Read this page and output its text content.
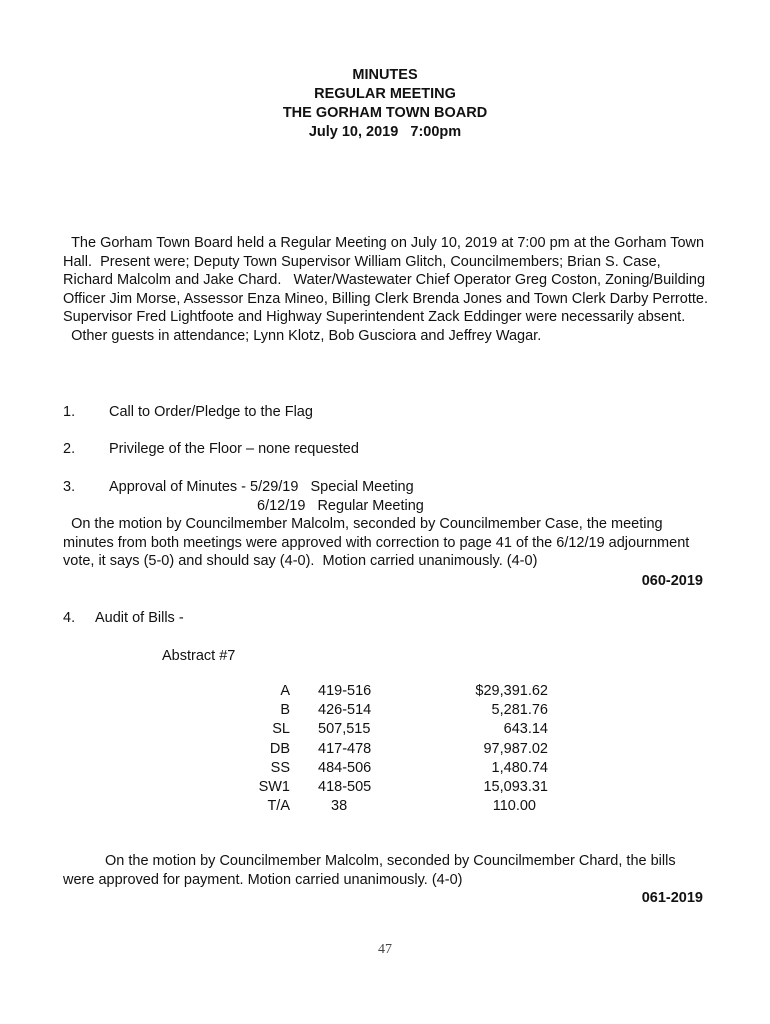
MINUTES
REGULAR MEETING
THE GORHAM TOWN BOARD
July 10, 2019   7:00pm
The Gorham Town Board held a Regular Meeting on July 10, 2019 at 7:00 pm at the Gorham Town Hall.  Present were; Deputy Town Supervisor William Glitch, Councilmembers; Brian S. Case, Richard Malcolm and Jake Chard.   Water/Wastewater Chief Operator Greg Coston, Zoning/Building Officer Jim Morse, Assessor Enza Mineo, Billing Clerk Brenda Jones and Town Clerk Darby Perrotte.  Supervisor Fred Lightfoote and Highway Superintendent Zack Eddinger were necessarily absent.
Other guests in attendance; Lynn Klotz, Bob Gusciora and Jeffrey Wagar.
1. Call to Order/Pledge to the Flag
2. Privilege of the Floor – none requested
3. Approval of Minutes - 5/29/19   Special Meeting
6/12/19   Regular Meeting
On the motion by Councilmember Malcolm, seconded by Councilmember Case, the meeting minutes from both meetings were approved with correction to page 41 of the 6/12/19 adjournment vote, it says (5-0) and should say (4-0).  Motion carried unanimously. (4-0)
060-2019
4. Audit of Bills -
Abstract #7
A 419-516	$29,391.62
B 426-514	5,281.76
SL 507,515	643.14
DB 417-478	97,987.02
SS 484-506	1,480.74
SW1 418-505	15,093.31
T/A	38	110.00
On the motion by Councilmember Malcolm, seconded by Councilmember Chard, the bills
were approved for payment. Motion carried unanimously. (4-0)
061-2019
47
